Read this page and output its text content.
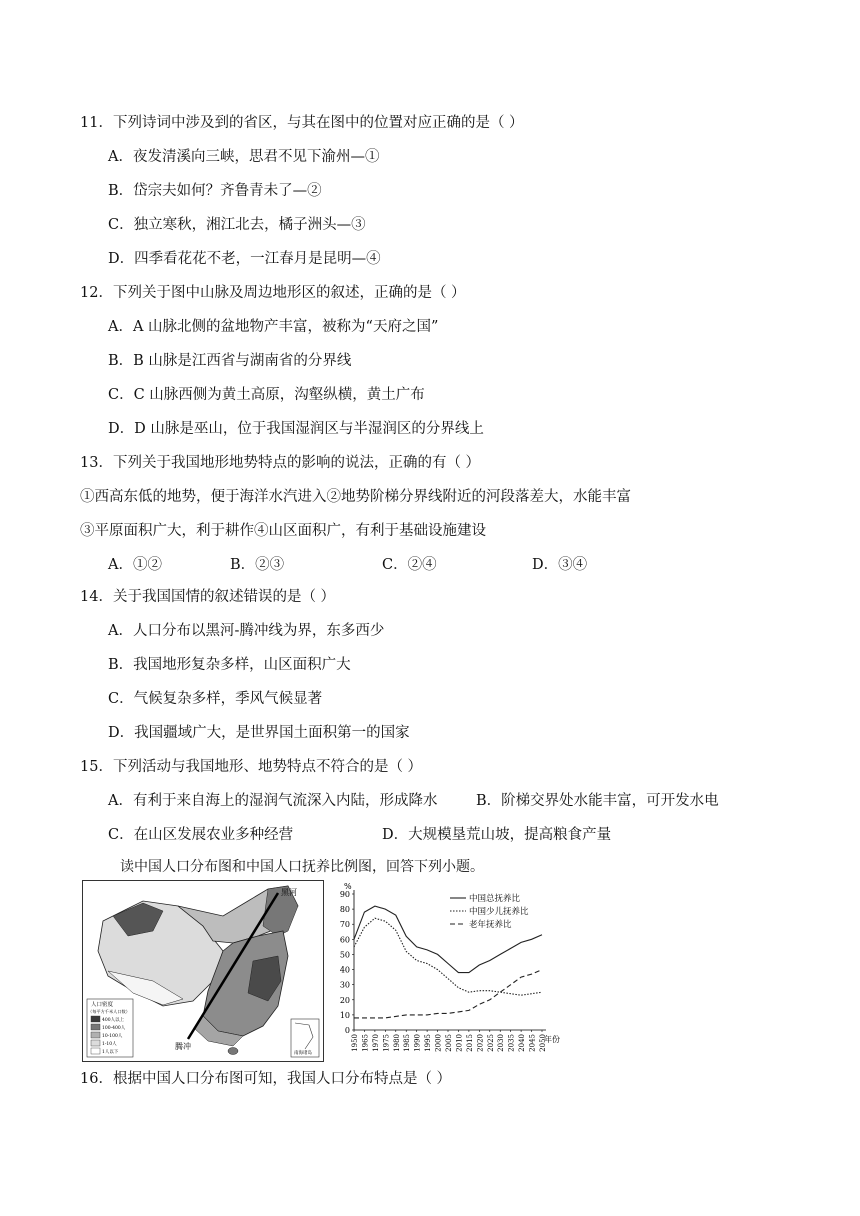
11．下列诗词中涉及到的省区，与其在图中的位置对应正确的是（ ）
A．夜发清溪向三峡，思君不见下渝州—①
B．岱宗夫如何？齐鲁青未了—②
C．独立寒秋，湘江北去，橘子洲头—③
D．四季看花花不老，一江春月是昆明—④
12．下列关于图中山脉及周边地形区的叙述，正确的是（ ）
A．A 山脉北侧的盆地物产丰富，被称为“天府之国”
B．B 山脉是江西省与湖南省的分界线
C．C 山脉西侧为黄土高原，沟壑纵横，黄土广布
D．D 山脉是巫山，位于我国湿润区与半湿润区的分界线上
13．下列关于我国地形地势特点的影响的说法，正确的有（ ）
①西高东低的地势，便于海洋水汽进入②地势阶梯分界线附近的河段落差大，水能丰富
③平原面积广大，利于耕作④山区面积广，有利于基础设施建设
A．①②	B．②③	C．②④	D．③④
14．关于我国国情的叙述错误的是（ ）
A．人口分布以黑河-腾冲线为界，东多西少
B．我国地形复杂多样，山区面积广大
C．气候复杂多样，季风气候显著
D．我国疆域广大，是世界国土面积第一的国家
15．下列活动与我国地形、地势特点不符合的是（ ）
A．有利于来自海上的湿润气流深入内陆，形成降水	B．阶梯交界处水能丰富，可开发水电
C．在山区发展农业多种经营	D．大规模垦荒山坡，提高粮食产量
读中国人口分布图和中国人口抚养比例图，回答下列小题。
黑河
腾冲
人口密度
（每平方千米人口数）
400人以上
100-400人
10-100人
1-10人
1人以下	南海诸岛
%
0
10
20
30
40
50
60
70
80
90
1950 1965 1970 1975 1980 1985 1990 1995 2000 2005 2010 2015 2020 2025 2030 2035 2040 2045 2050
年份
中国总抚养比
中国少儿抚养比
老年抚养比
16．根据中国人口分布图可知，我国人口分布特点是（ ）
